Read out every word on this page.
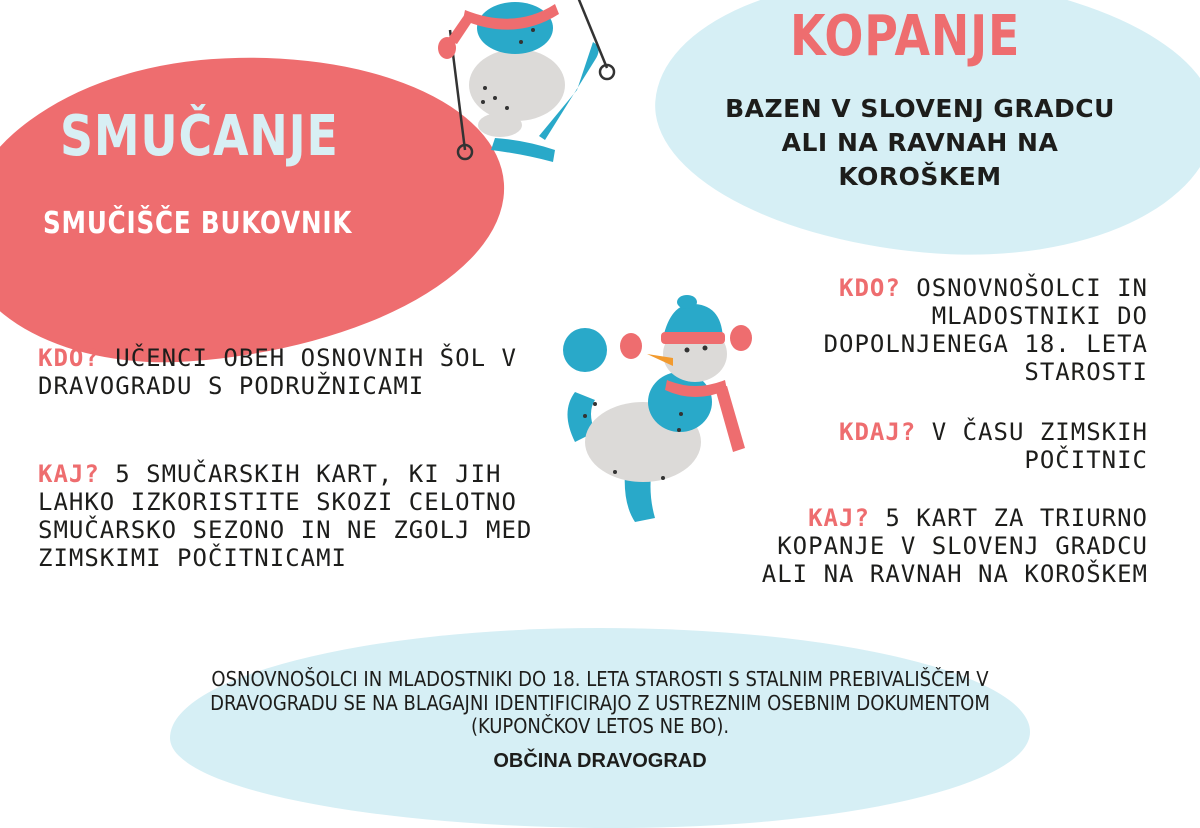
SMUČANJE
SMUČIŠČE BUKOVNIK

KDO? UČENCI OBEH OSNOVNIH ŠOL V DRAVOGRADU S PODRUŽNICAMI

KAJ? 5 SMUČARSKIH KART, KI JIH LAHKO IZKORISTITE SKOZI CELOTNO SMUČARSKO SEZONO IN NE ZGOLJ MED ZIMSKIMI POČITNICAMI

KOPANJE

BAZEN V SLOVENJ GRADCU ALI NA RAVNAH NA KOROŠKEM

KDO? OSNOVNOŠOLCI IN MLADOSTNIKI DO DOPOLNJENEGA 18. LETA STAROSTI

KDAJ? V ČASU ZIMSKIH POČITNIC

KAJ? 5 KART ZA TRIURNO KOPANJE V SLOVENJ GRADCU ALI NA RAVNAH NA KOROŠKEM

OSNOVNOŠOLCI IN MLADOSTNIKI DO 18. LETA STAROSTI S STALNIM PREBIVALIŠČEM V DRAVOGRADU SE NA BLAGAJNI IDENTIFICIRAJO Z USTREZNIM OSEBNIM DOKUMENTOM (KUPONČKOV LETOS NE BO).

OBČINA DRAVOGRAD
